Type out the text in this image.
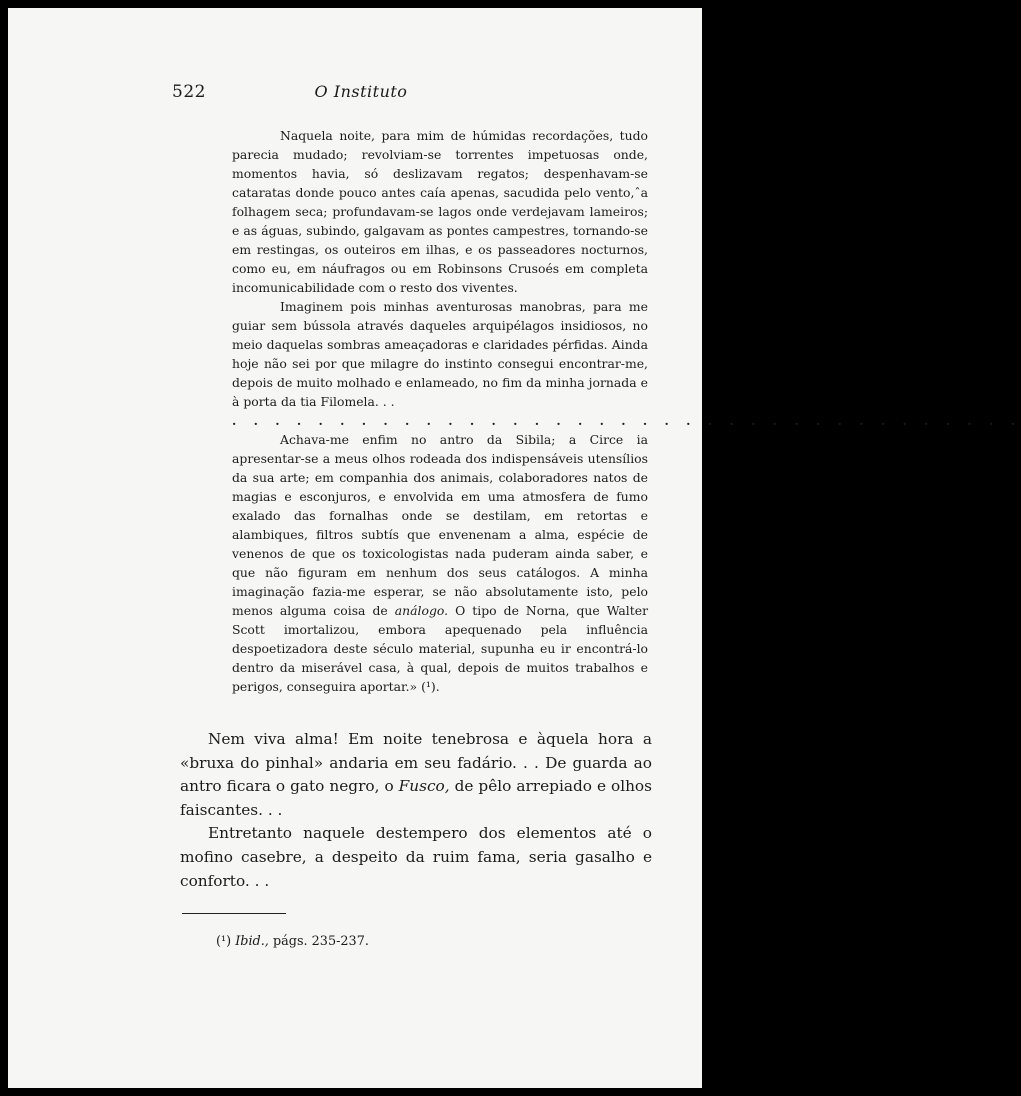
522	O Instituto

Naquela noite, para mim de húmidas recordações, tudo parecia mudado; revolviam-se torrentes impetuosas onde, momentos havia, só deslizavam regatos; despenhavam-se cataratas donde pouco antes caía apenas, sacudida pelo vento,ˆa folhagem seca; profundavam-se lagos onde verdejavam lameiros; e as águas, subindo, galgavam as pontes campestres, tornando-se em restingas, os outeiros em ilhas, e os passeadores nocturnos, como eu, em náufragos ou em Robinsons Crusoés em completa incomunicabilidade com o resto dos viventes.

Imaginem pois minhas aventurosas manobras, para me guiar sem bússola através daqueles arquipélagos insidiosos, no meio daquelas sombras ameaçadoras e claridades pérfidas. Ainda hoje não sei por que milagre do instinto consegui encontrar-me, depois de muito molhado e enlameado, no fim da minha jornada e à porta da tia Filomela. . .

. . . . . . . . . . . . . . . . . . . . . . . . . . . . . . . . . . . . .

Achava-me enfim no antro da Sibila; a Circe ia apresentar-se a meus olhos rodeada dos indispensáveis utensílios da sua arte; em companhia dos animais, colaboradores natos de magias e esconjuros, e envolvida em uma atmosfera de fumo exalado das fornalhas onde se destilam, em retortas e alambiques, filtros subtís que envenenam a alma, espécie de venenos de que os toxicologistas nada puderam ainda saber, e que não figuram em nenhum dos seus catálogos. A minha imaginação fazia-me esperar, se não absolutamente isto, pelo menos alguma coisa de análogo. O tipo de Norna, que Walter Scott imortalizou, embora apequenado pela influência despoetizadora deste século material, supunha eu ir encontrá-lo dentro da miserável casa, à qual, depois de muitos trabalhos e perigos, conseguira aportar.» (¹).

Nem viva alma! Em noite tenebrosa e àquela hora a «bruxa do pinhal» andaria em seu fadário. . . De guarda ao antro ficara o gato negro, o Fusco, de pêlo arrepiado e olhos faiscantes. . .

Entretanto naquele destempero dos elementos até o mofino casebre, a despeito da ruim fama, seria gasalho e conforto. . .

(¹) Ibid., págs. 235-237.
